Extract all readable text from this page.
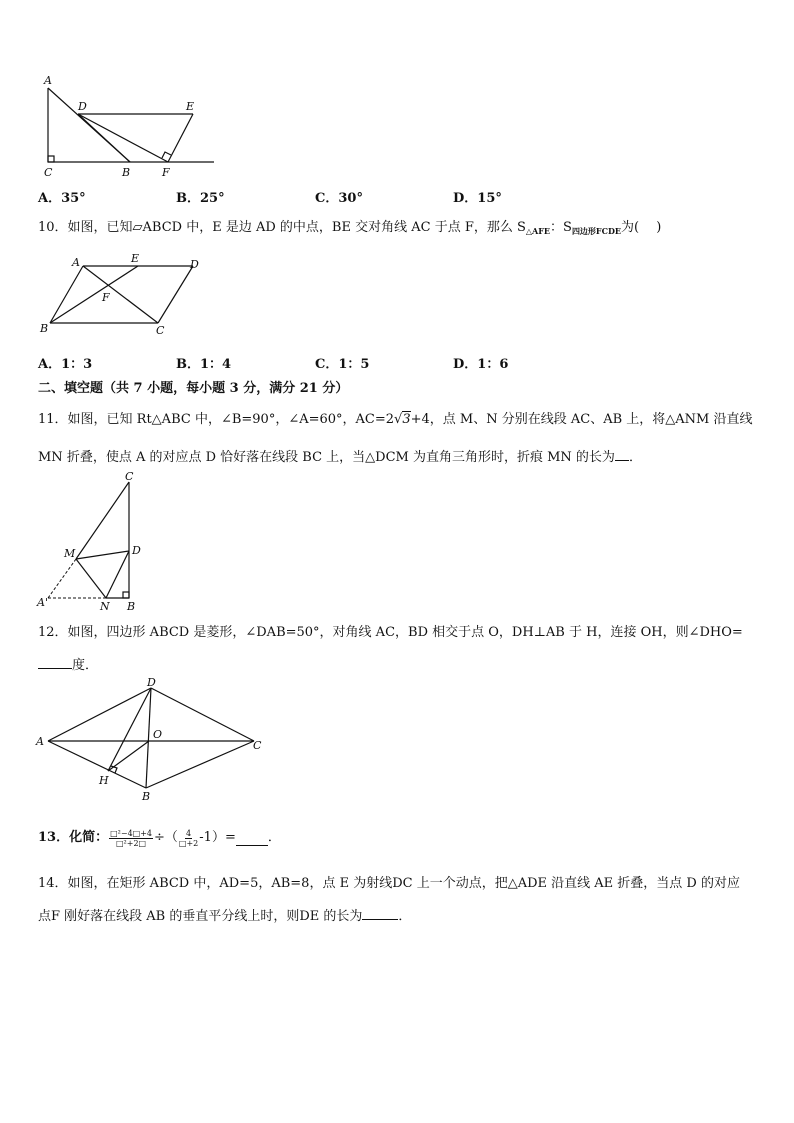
A
D	E
C	B	F
A．35°	B．25°	C．30°	D．15°
10．如图，已知▱ABCD 中，E 是边 AD 的中点，BE 交对角线 AC 于点 F，那么 $S_{\triangle AFE}$：$S_{四边形FCDE}$为(　 )
A	E	D
F
B	C
A．1：3	B．1：4	C．1：5	D．1：6
二、填空题（共 7 小题，每小题 3 分，满分 21 分）
11．如图，已知 Rt△ABC 中，∠B=90°，∠A=60°，AC=2√3+4，点 M、N 分别在线段 AC、AB 上，将△ANM 沿直线
MN 折叠，使点 A 的对应点 D 恰好落在线段 BC 上，当△DCM 为直角三角形时，折痕 MN 的长为 ．
C
M	D
A'	N B
12．如图，四边形 ABCD 是菱形，∠DAB=50°，对角线 AC，BD 相交于点 O，DH⊥AB 于 H，连接 OH，则∠DHO=
度．
D
A
O
C
H
B
13．化简： $\frac{\text{□²−4□+4}}{\text{□²+2□}}$ ÷（ $\frac{4}{□+2} -1)=$ ．
14．如图，在矩形 ABCD 中，AD=5，AB=8，点 E 为射线DC 上一个动点，把△ADE 沿直线 AE 折叠，当点 D 的对应
点F 刚好落在线段 AB 的垂直平分线上时，则DE 的长为	．
